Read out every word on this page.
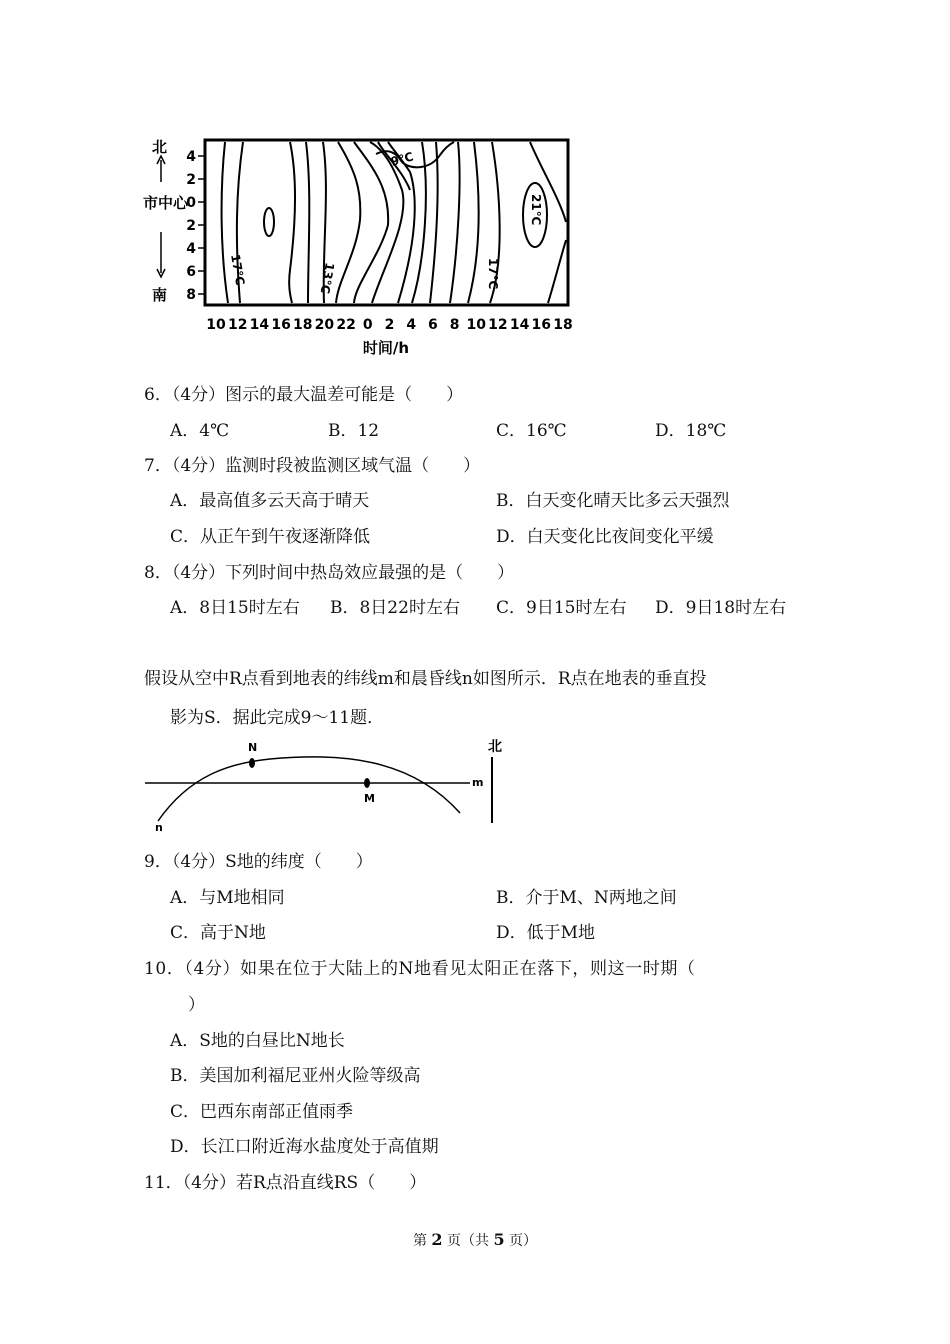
北
市中心
南
4
2
0
2
4
6
8
9℃
21℃
17℃	13℃	17℃
10 12 14 16 18 20 22 0 2 4 6 8 10 12 14 16 18
时间/h
6．（4分）图示的最大温差可能是（　　）
A．4℃	B．12	C．16℃	D．18℃
7．（4分）监测时段被监测区域气温（　　）
A．最高值多云天高于晴天	B．白天变化晴天比多云天强烈
C．从正午到午夜逐渐降低	D．白天变化比夜间变化平缓
8．（4分）下列时间中热岛效应最强的是（　　）
A．8日15时左右 B．8日22时左右 C．9日15时左右 D．9日18时左右
假设从空中R点看到地表的纬线m和晨昏线n如图所示．R点在地表的垂直投
影为S．据此完成9～11题．
N
M
m
n
北
9．（4分）S地的纬度（　　）
A．与M地相同	B．介于M、N两地之间
C．高于N地	D．低于M地
10．（4分）如果在位于大陆上的N地看见太阳正在落下，则这一时期（
）
A．S地的白昼比N地长
B．美国加利福尼亚州火险等级高
C．巴西东南部正值雨季
D．长江口附近海水盐度处于高值期
11．（4分）若R点沿直线RS（　　）
第 2 页（共 5 页）
